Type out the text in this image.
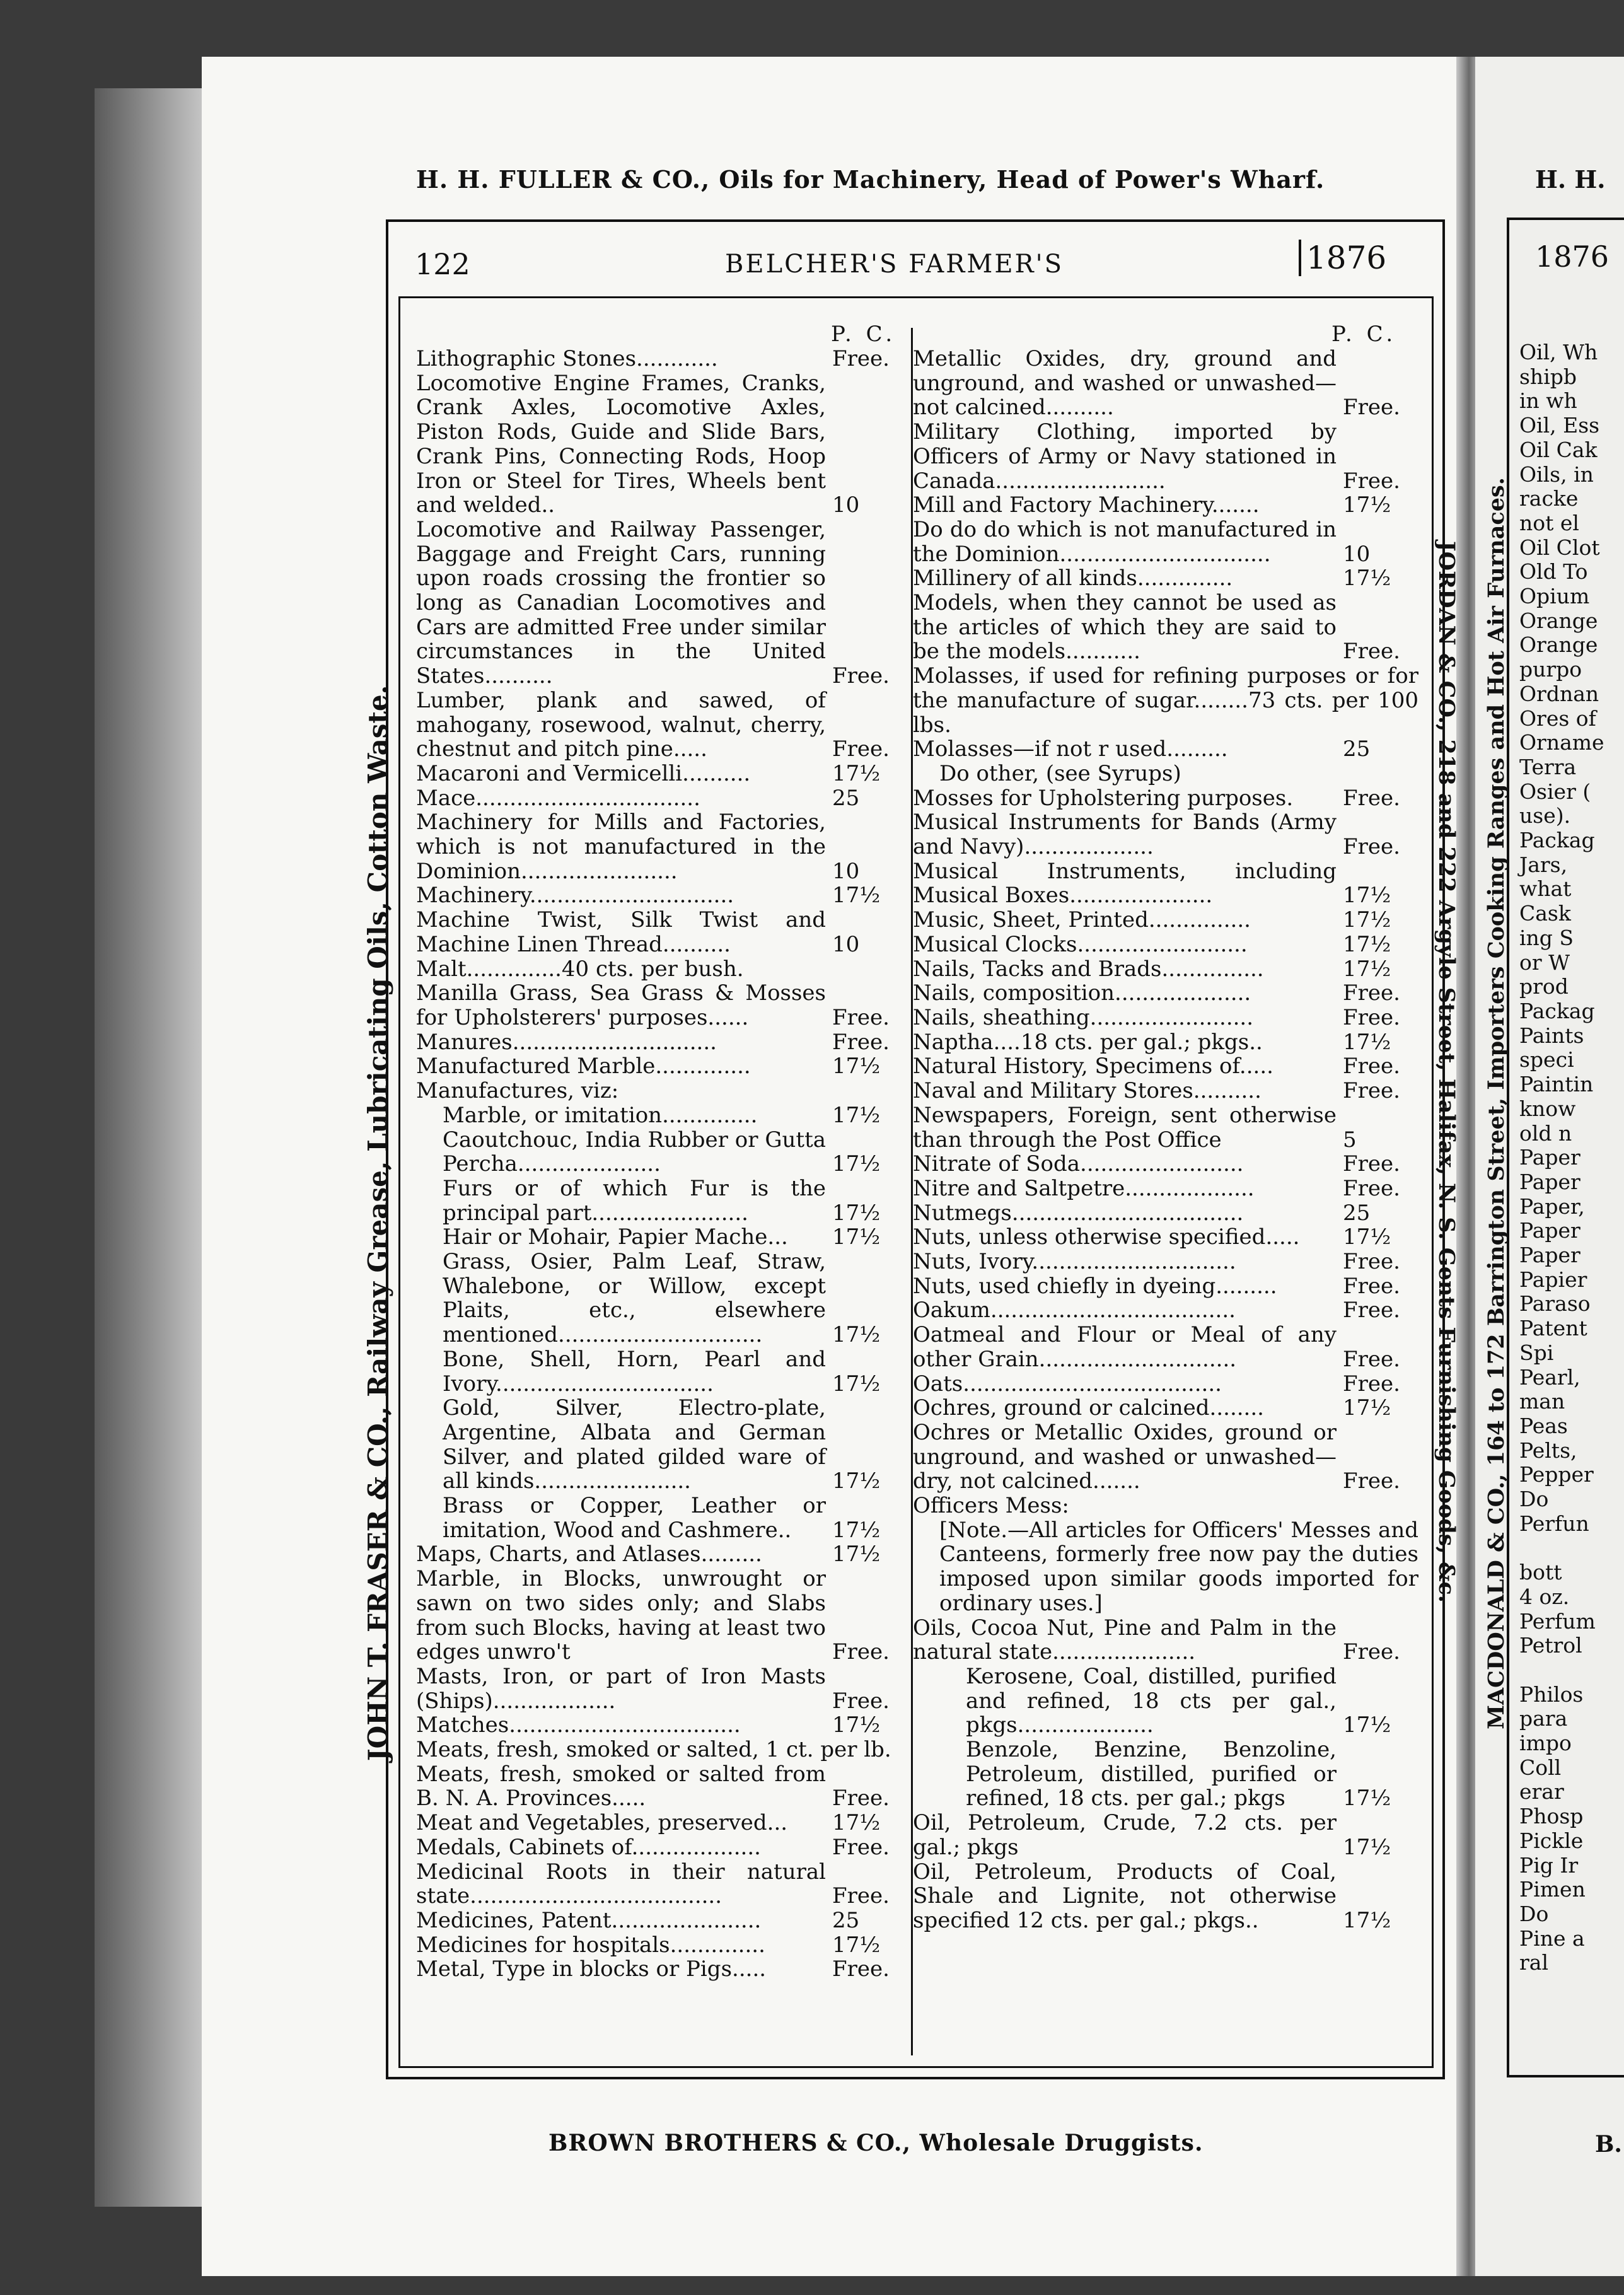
H. H.
1876
Oil, Wh
shipb
in wh
Oil, Ess
Oil Cak
Oils, in
racke
not el
Oil Clot
Old To
Opium
Orange
Orange
purpo
Ordnan
Ores of
Orname
Terra
Osier (
use).
Packag
Jars,
what
Cask
ing S
or W
prod
Packag
Paints
speci
Paintin
know
old n
Paper
Paper
Paper,
Paper
Paper
Papier
Paraso
Patent
Spi
Pearl,
man
Peas
Pelts,
Pepper
Do
Perfun

bott
4 oz.
Perfum
Petrol

Philos
para
impo
Coll
erar
Phosp
Pickle
Pig Ir
Pimen
Do
Pine a
ral
B.
H. H. FULLER & CO., Oils for Machinery, Head of Power's Wharf.
BROWN BROTHERS & CO., Wholesale Druggists.
JOHN T. FRASER & CO., Railway Grease, Lubricating Oils, Cotton Waste.	JORDAN & CO., 218 and 222 Argyle Street, Halifax, N. S. Gents Furnishing Goods, &c. MACDONALD & CO., 164 to 172 Barrington Street, Importers Cooking Ranges and Hot Air Furnaces.
122	BELCHER'S FARMER'S	1876
P. C.	P. C.
Lithographic Stones............	Free.
Locomotive Engine Frames, Cranks, Crank Axles, Locomotive Axles, Piston Rods, Guide and Slide Bars, Crank Pins, Connecting Rods, Hoop Iron or Steel for Tires, Wheels bent and welded..	10
Locomotive and Railway Passenger, Baggage and Freight Cars, running upon roads crossing the frontier so long as Canadian Locomotives and Cars are admitted Free under similar circumstances in the United States..........	Free.
Lumber, plank and sawed, of mahogany, rosewood, walnut, cherry, chestnut and pitch pine.....	Free.
Macaroni and Vermicelli..........	17½
Mace.................................	25
Machinery for Mills and Factories, which is not manufactured in the Dominion.......................	10
Machinery..............................	17½
Machine Twist, Silk Twist and Machine Linen Thread..........	10
Malt..............40 cts. per bush.
Manilla Grass, Sea Grass & Mosses for Upholsterers' purposes......	Free.
Manures..............................	Free.
Manufactured Marble..............	17½
Manufactures, viz:
Marble, or imitation..............	17½
Caoutchouc, India Rubber or Gutta Percha.....................	17½
Furs or of which Fur is the principal part.......................	17½
Hair or Mohair, Papier Mache...	17½
Grass, Osier, Palm Leaf, Straw, Whalebone, or Willow, except Plaits, etc., elsewhere mentioned..............................	17½
Bone, Shell, Horn, Pearl and Ivory................................	17½
Gold, Silver, Electro-plate, Argentine, Albata and German Silver, and plated gilded ware of all kinds.......................	17½
Brass or Copper, Leather or imitation, Wood and Cashmere..	17½
Maps, Charts, and Atlases.........	17½
Marble, in Blocks, unwrought or sawn on two sides only; and Slabs from such Blocks, having at least two edges unwro't	Free.
Masts, Iron, or part of Iron Masts (Ships)..................	Free.
Matches..................................	17½
Meats, fresh, smoked or salted, 1 ct. per lb.
Meats, fresh, smoked or salted from B. N. A. Provinces.....	Free.
Meat and Vegetables, preserved...	17½
Medals, Cabinets of...................	Free.
Medicinal Roots in their natural state.....................................	Free.
Medicines, Patent......................	25
Medicines for hospitals..............	17½
Metal, Type in blocks or Pigs.....	Free.
Metallic Oxides, dry, ground and unground, and washed or unwashed—not calcined..........	Free.
Military Clothing, imported by Officers of Army or Navy stationed in Canada.........................	Free.
Mill and Factory Machinery.......	17½
Do do do which is not manufactured in the Dominion...............................	10
Millinery of all kinds..............	17½
Models, when they cannot be used as the articles of which they are said to be the models...........	Free.
Molasses, if used for refining purposes or for the manufacture of sugar........73 cts. per 100 lbs.
Molasses—if not r used.........	25
Do other, (see Syrups)
Mosses for Upholstering purposes.	Free.
Musical Instruments for Bands (Army and Navy)...................	Free.
Musical Instruments, including Musical Boxes.....................	17½
Music, Sheet, Printed...............	17½
Musical Clocks.........................	17½
Nails, Tacks and Brads...............	17½
Nails, composition....................	Free.
Nails, sheathing........................	Free.
Naptha....18 cts. per gal.; pkgs..	17½
Natural History, Specimens of.....	Free.
Naval and Military Stores..........	Free.
Newspapers, Foreign, sent otherwise than through the Post Office	5
Nitrate of Soda........................	Free.
Nitre and Saltpetre...................	Free.
Nutmegs..................................	25
Nuts, unless otherwise specified.....	17½
Nuts, Ivory..............................	Free.
Nuts, used chiefly in dyeing.........	Free.
Oakum....................................	Free.
Oatmeal and Flour or Meal of any other Grain.............................	Free.
Oats......................................	Free.
Ochres, ground or calcined........	17½
Ochres or Metallic Oxides, ground or unground, and washed or unwashed—dry, not calcined.......	Free.
Officers Mess:
[Note.—All articles for Officers' Messes and Canteens, formerly free now pay the duties imposed upon similar goods imported for ordinary uses.]
Oils, Cocoa Nut, Pine and Palm in the natural state.....................	Free.
Kerosene, Coal, distilled, purified and refined, 18 cts per gal., pkgs....................	17½
Benzole, Benzine, Benzoline, Petroleum, distilled, purified or refined, 18 cts. per gal.; pkgs	17½
Oil, Petroleum, Crude, 7.2 cts. per gal.; pkgs	17½
Oil, Petroleum, Products of Coal, Shale and Lignite, not otherwise specified 12 cts. per gal.; pkgs..	17½
